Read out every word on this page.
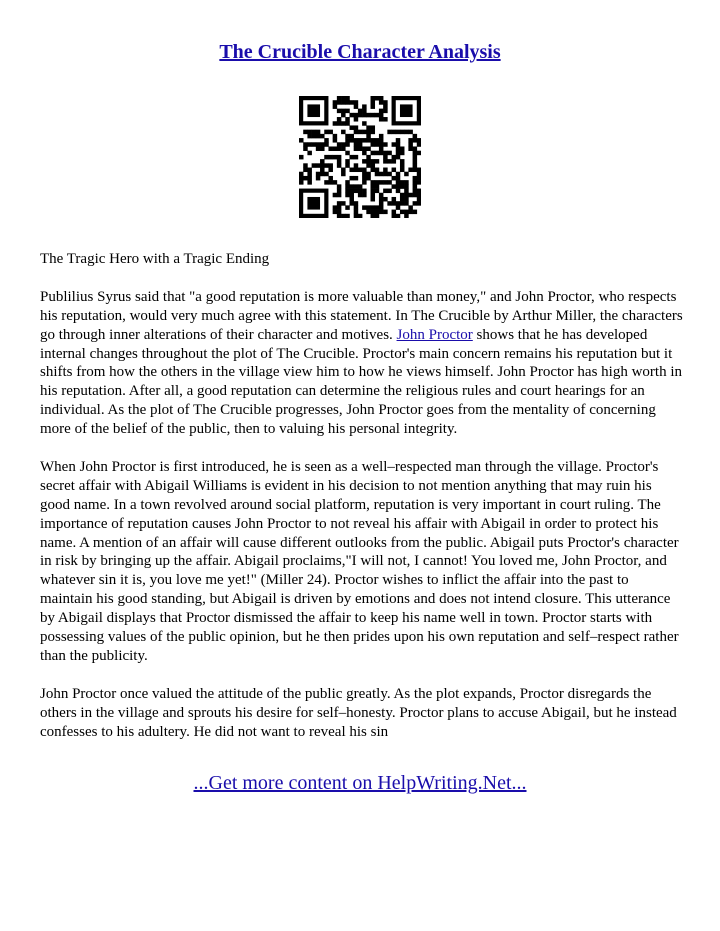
The Crucible Character Analysis

The Tragic Hero with a Tragic Ending

Publilius Syrus said that "a good reputation is more valuable than money," and John Proctor, who respects his reputation, would very much agree with this statement. In The Crucible by Arthur Miller, the characters go through inner alterations of their character and motives. John Proctor shows that he has developed internal changes throughout the plot of The Crucible. Proctor's main concern remains his reputation but it shifts from how the others in the village view him to how he views himself. John Proctor has high worth in his reputation. After all, a good reputation can determine the religious rules and court hearings for an individual. As the plot of The Crucible progresses, John Proctor goes from the mentality of concerning more of the belief of the public, then to valuing his personal integrity.

When John Proctor is first introduced, he is seen as a well–respected man through the village. Proctor's secret affair with Abigail Williams is evident in his decision to not mention anything that may ruin his good name. In a town revolved around social platform, reputation is very important in court ruling. The importance of reputation causes John Proctor to not reveal his affair with Abigail in order to protect his name. A mention of an affair will cause different outlooks from the public. Abigail puts Proctor's character in risk by bringing up the affair. Abigail proclaims,"I will not, I cannot! You loved me, John Proctor, and whatever sin it is, you love me yet!" (Miller 24). Proctor wishes to inflict the affair into the past to maintain his good standing, but Abigail is driven by emotions and does not intend closure. This utterance by Abigail displays that Proctor dismissed the affair to keep his name well in town. Proctor starts with possessing values of the public opinion, but he then prides upon his own reputation and self–respect rather than the publicity.

John Proctor once valued the attitude of the public greatly. As the plot expands, Proctor disregards the others in the village and sprouts his desire for self–honesty. Proctor plans to accuse Abigail, but he instead confesses to his adultery. He did not want to reveal his sin

...Get more content on HelpWriting.Net...
